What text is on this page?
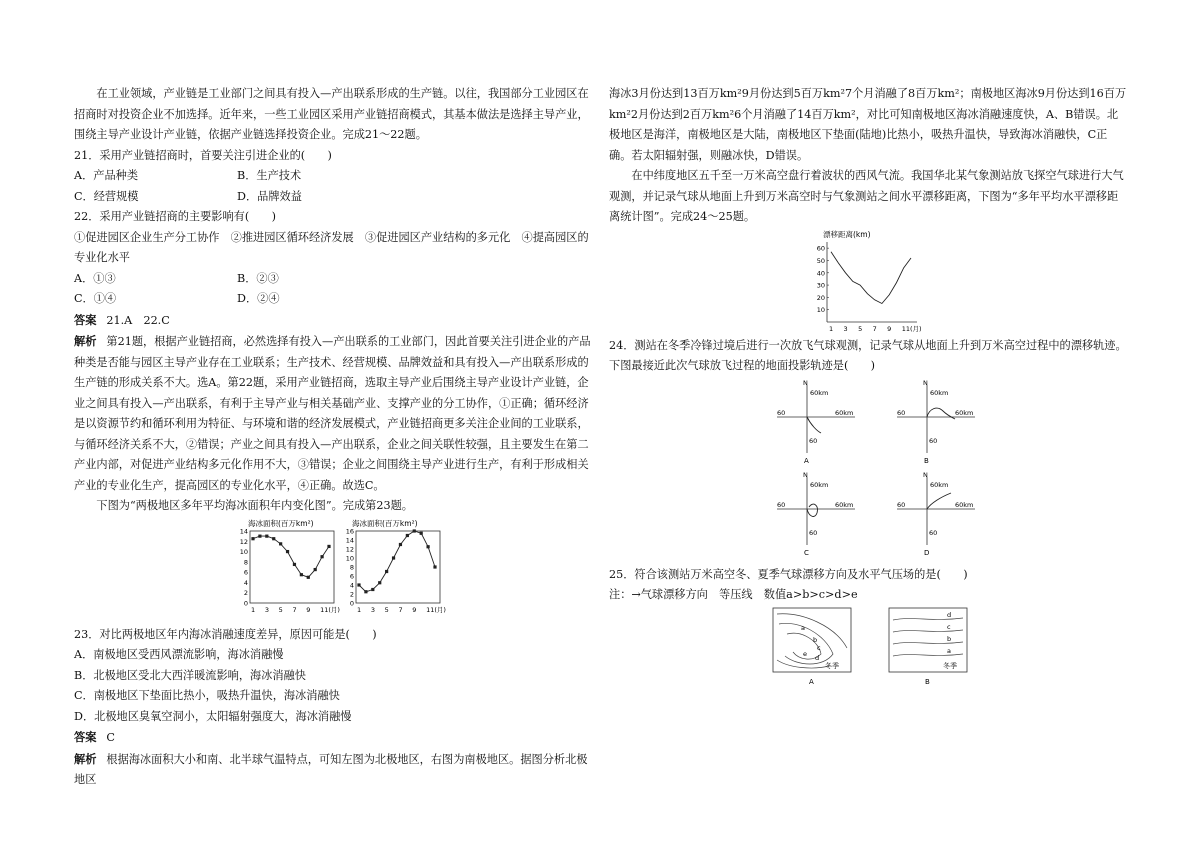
在工业领域，产业链是工业部门之间具有投入—产出联系形成的生产链。以往，我国部分工业园区在招商时对投资企业不加选择。近年来，一些工业园区采用产业链招商模式，其基本做法是选择主导产业，围绕主导产业设计产业链，依据产业链选择投资企业。完成21～22题。

21．采用产业链招商时，首要关注引进企业的(　　)

A．产品种类	B．生产技术
C．经营规模	D．品牌效益

22．采用产业链招商的主要影响有(　　)

①促进园区企业生产分工协作　②推进园区循环经济发展　③促进园区产业结构的多元化　④提高园区的专业化水平

A．①③	B．②③
C．①④	D．②④

答案 21.A　22.C

解析 第21题，根据产业链招商，必然选择有投入—产出联系的工业部门，因此首要关注引进企业的产品种类是否能与园区主导产业存在工业联系；生产技术、经营规模、品牌效益和具有投入—产出联系形成的生产链的形成关系不大。选A。第22题，采用产业链招商，选取主导产业后围绕主导产业设计产业链，企业之间具有投入—产出联系，有利于主导产业与相关基础产业、支撑产业的分工协作，①正确；循环经济是以资源节约和循环利用为特征、与环境和谐的经济发展模式，产业链招商更多关注企业间的工业联系，与循环经济关系不大，②错误；产业之间具有投入—产出联系，企业之间关联性较强，且主要发生在第二产业内部，对促进产业结构多元化作用不大，③错误；企业之间围绕主导产业进行生产，有利于形成相关产业的专业化生产，提高园区的专业化水平，④正确。故选C。

下图为“两极地区多年平均海冰面积年内变化图”。完成第23题。

海冰面积(百万km²)
14
12
10
8
6
4
2
0
1 3 5 7 9 11(月)
海冰面积(百万km²)
16
14
12
10
8
6
4
2
0
1 3 5 7 9 11(月)

23．对比两极地区年内海冰消融速度差异，原因可能是(　　)

A．南极地区受西风漂流影响，海冰消融慢

B．北极地区受北大西洋暖流影响，海冰消融快

C．南极地区下垫面比热小，吸热升温快，海冰消融快

D．北极地区臭氧空洞小，太阳辐射强度大，海冰消融慢

答案 C

解析 根据海冰面积大小和南、北半球气温特点，可知左图为北极地区，右图为南极地区。据图分析北极地区

海冰3月份达到13百万km²9月份达到5百万km²7个月消融了8百万km²；南极地区海冰9月份达到16百万km²2月份达到2百万km²6个月消融了14百万km²，对比可知南极地区海冰消融速度快，A、B错误。北极地区是海洋，南极地区是大陆，南极地区下垫面(陆地)比热小，吸热升温快，导致海冰消融快，C正确。若太阳辐射强，则融冰快，D错误。

在中纬度地区五千至一万米高空盘行着波状的西风气流。我国华北某气象测站放飞探空气球进行大气观测，并记录气球从地面上升到万米高空时与气象测站之间水平漂移距离，下图为“多年平均水平漂移距离统计图”。完成24～25题。

漂移距离(km)
60
50
40
30
20
10
1 3 5 7 9 11(月)

24．测站在冬季冷锋过境后进行一次放飞气球观测，记录气球从地面上升到万米高空过程中的漂移轨迹。下图最接近此次气球放飞过程的地面投影轨迹是(　　)

N
60km
60km
60
60
A
N
60km
60km
60
60
B
N
60km
60km
60
60
C
N
60km
60km
60
60
D

25．符合该测站万米高空冬、夏季气球漂移方向及水平气压场的是(　　)

注：→气球漂移方向　等压线　数值a>b>c>d>e

a
b
c
d
e
冬季
A
d
c
b
a
冬季
B
